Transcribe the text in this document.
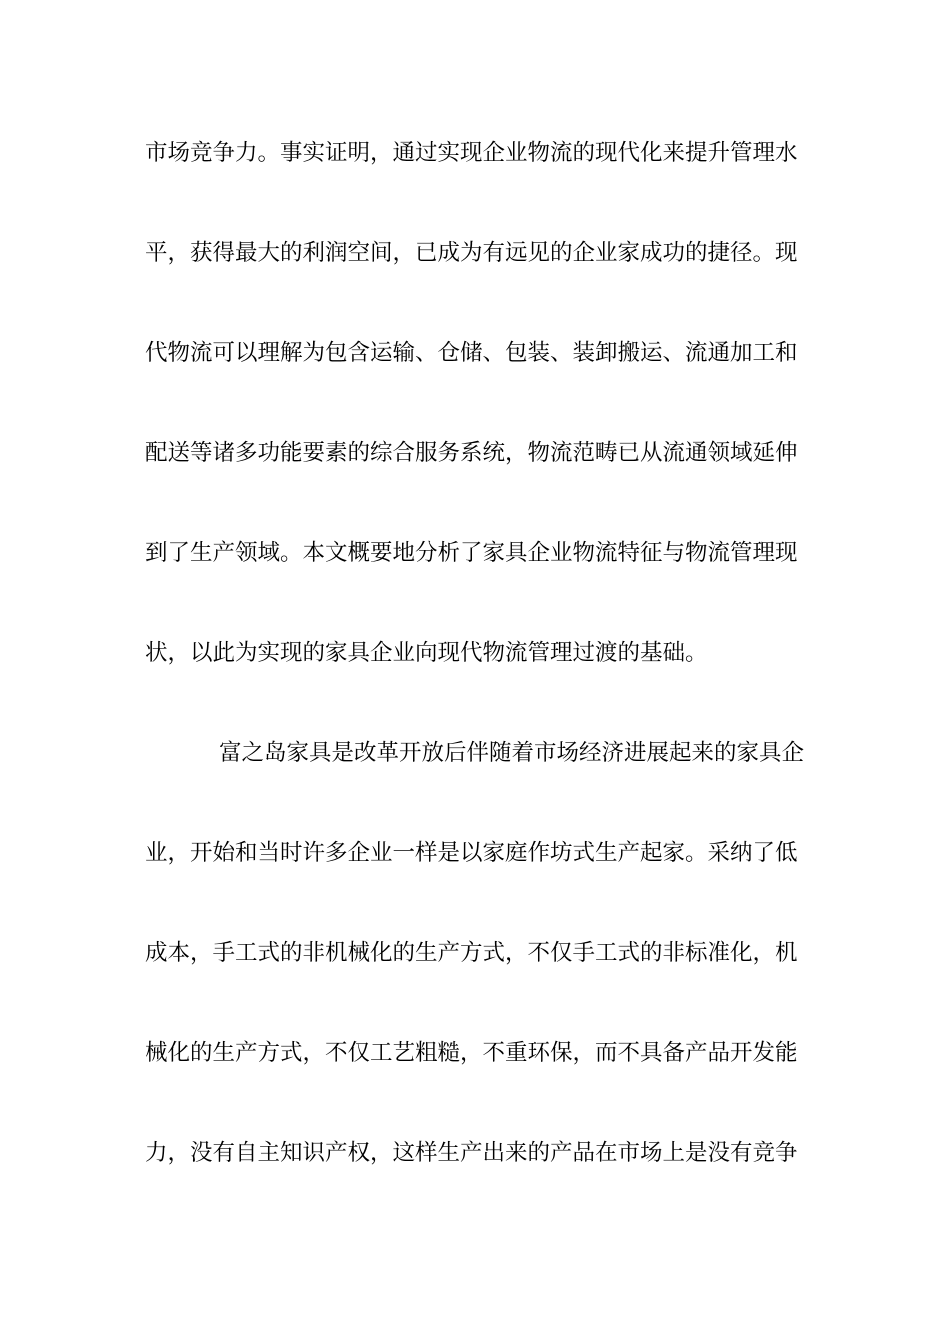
市场竞争力。事实证明，通过实现企业物流的现代化来提升管理水
平，获得最大的利润空间，已成为有远见的企业家成功的捷径。现
代物流可以理解为包含运输、仓储、包装、装卸搬运、流通加工和
配送等诸多功能要素的综合服务系统，物流范畴已从流通领域延伸
到了生产领域。本文概要地分析了家具企业物流特征与物流管理现
状，以此为实现的家具企业向现代物流管理过渡的基础。
富之岛家具是改革开放后伴随着市场经济进展起来的家具企
业，开始和当时许多企业一样是以家庭作坊式生产起家。采纳了低
成本，手工式的非机械化的生产方式，不仅手工式的非标准化，机
械化的生产方式，不仅工艺粗糙，不重环保，而不具备产品开发能
力，没有自主知识产权，这样生产出来的产品在市场上是没有竞争
